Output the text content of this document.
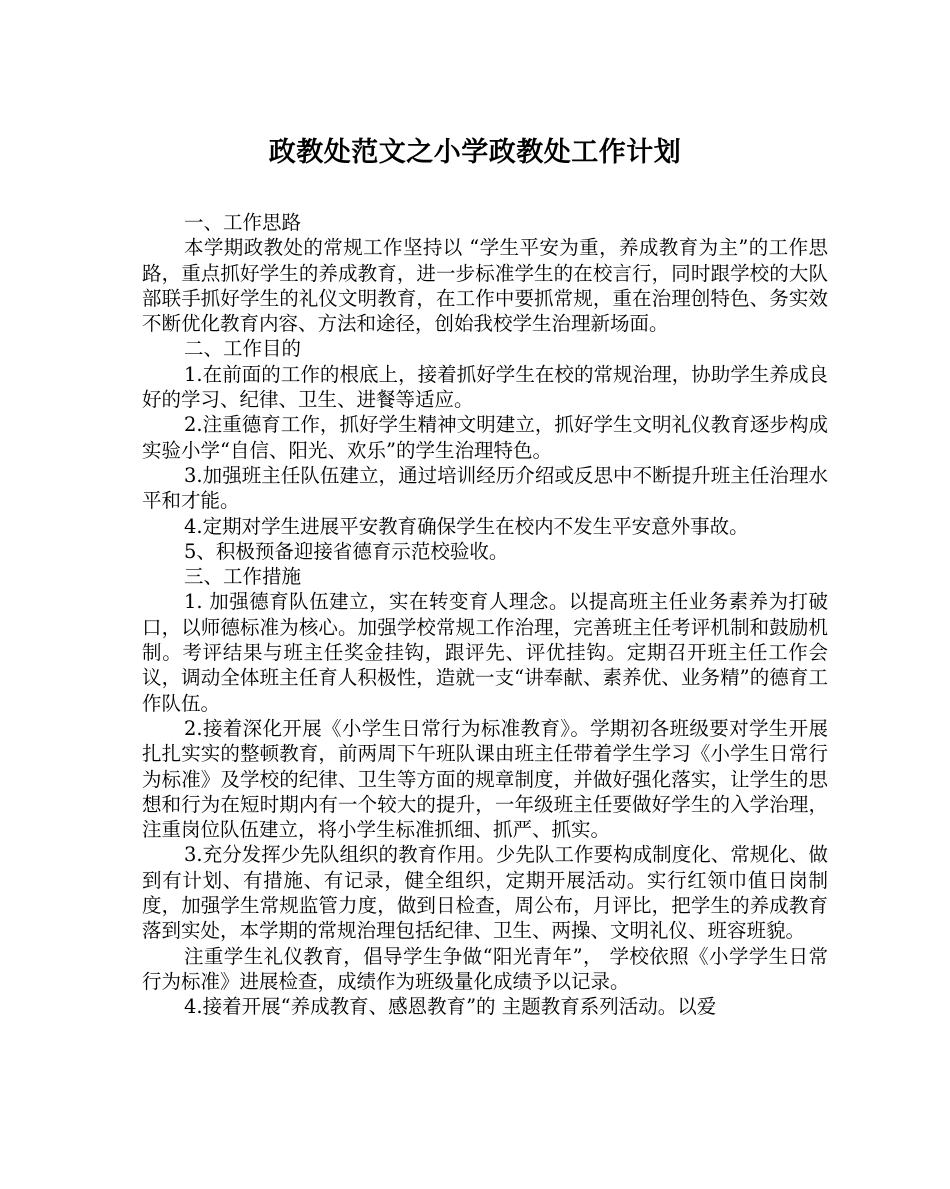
政教处范文之小学政教处工作计划

一、工作思路

本学期政教处的常规工作坚持以 “学生平安为重，养成教育为主”的工作思路，重点抓好学生的养成教育，进一步标准学生的在校言行，同时跟学校的大队部联手抓好学生的礼仪文明教育，在工作中要抓常规，重在治理创特色、务实效不断优化教育内容、方法和途径，创始我校学生治理新场面。

二、工作目的

1.在前面的工作的根底上，接着抓好学生在校的常规治理，协助学生养成良好的学习、纪律、卫生、进餐等适应。

2.注重德育工作，抓好学生精神文明建立，抓好学生文明礼仪教育逐步构成实验小学“自信、阳光、欢乐”的学生治理特色。

3.加强班主任队伍建立，通过培训经历介绍或反思中不断提升班主任治理水平和才能。

4.定期对学生进展平安教育确保学生在校内不发生平安意外事故。

5、积极预备迎接省德育示范校验收。

三、工作措施

1. 加强德育队伍建立，实在转变育人理念。以提高班主任业务素养为打破口，以师德标准为核心。加强学校常规工作治理，完善班主任考评机制和鼓励机制。考评结果与班主任奖金挂钩，跟评先、评优挂钩。定期召开班主任工作会议，调动全体班主任育人积极性，造就一支“讲奉献、素养优、业务精”的德育工作队伍。

2.接着深化开展《小学生日常行为标准教育》。学期初各班级要对学生开展扎扎实实的整顿教育，前两周下午班队课由班主任带着学生学习《小学生日常行为标准》及学校的纪律、卫生等方面的规章制度，并做好强化落实，让学生的思想和行为在短时期内有一个较大的提升，一年级班主任要做好学生的入学治理，注重岗位队伍建立，将小学生标准抓细、抓严、抓实。

3.充分发挥少先队组织的教育作用。少先队工作要构成制度化、常规化、做到有计划、有措施、有记录，健全组织，定期开展活动。实行红领巾值日岗制度，加强学生常规监管力度，做到日检查，周公布，月评比，把学生的养成教育落到实处，本学期的常规治理包括纪律、卫生、两操、文明礼仪、班容班貌。

注重学生礼仪教育，倡导学生争做“阳光青年”， 学校依照《小学学生日常行为标准》进展检查，成绩作为班级量化成绩予以记录。

4.接着开展“养成教育、感恩教育”的 主题教育系列活动。以爱
